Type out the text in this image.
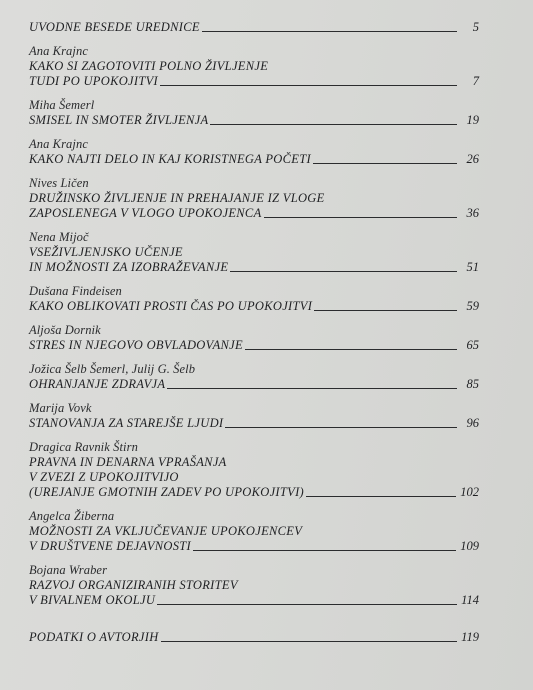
UVODNE BESEDE UREDNICE	5
Ana Krajnc
KAKO SI ZAGOTOVITI POLNO ŽIVLJENJE
TUDI PO UPOKOJITVI	7
Miha Šemerl
SMISEL IN SMOTER ŽIVLJENJA	19
Ana Krajnc
KAKO NAJTI DELO IN KAJ KORISTNEGA POČETI	26
Nives Ličen
DRUŽINSKO ŽIVLJENJE IN PREHAJANJE IZ VLOGE
ZAPOSLENEGA V VLOGO UPOKOJENCA	36
Nena Mijoč
VSEŽIVLJENJSKO UČENJE
IN MOŽNOSTI ZA IZOBRAŽEVANJE	51
Dušana Findeisen
KAKO OBLIKOVATI PROSTI ČAS PO UPOKOJITVI	59
Aljoša Dornik
STRES IN NJEGOVO OBVLADOVANJE	65
Jožica Šelb Šemerl, Julij G. Šelb
OHRANJANJE ZDRAVJA	85
Marija Vovk
STANOVANJA ZA STAREJŠE LJUDI	96
Dragica Ravnik Štirn
PRAVNA IN DENARNA VPRAŠANJA
V ZVEZI Z UPOKOJITVIJO
(UREJANJE GMOTNIH ZADEV PO UPOKOJITVI)	102
Angelca Žiberna
MOŽNOSTI ZA VKLJUČEVANJE UPOKOJENCEV
V DRUŠTVENE DEJAVNOSTI	109
Bojana Wraber
RAZVOJ ORGANIZIRANIH STORITEV
V BIVALNEM OKOLJU	114
PODATKI O AVTORJIH	119
